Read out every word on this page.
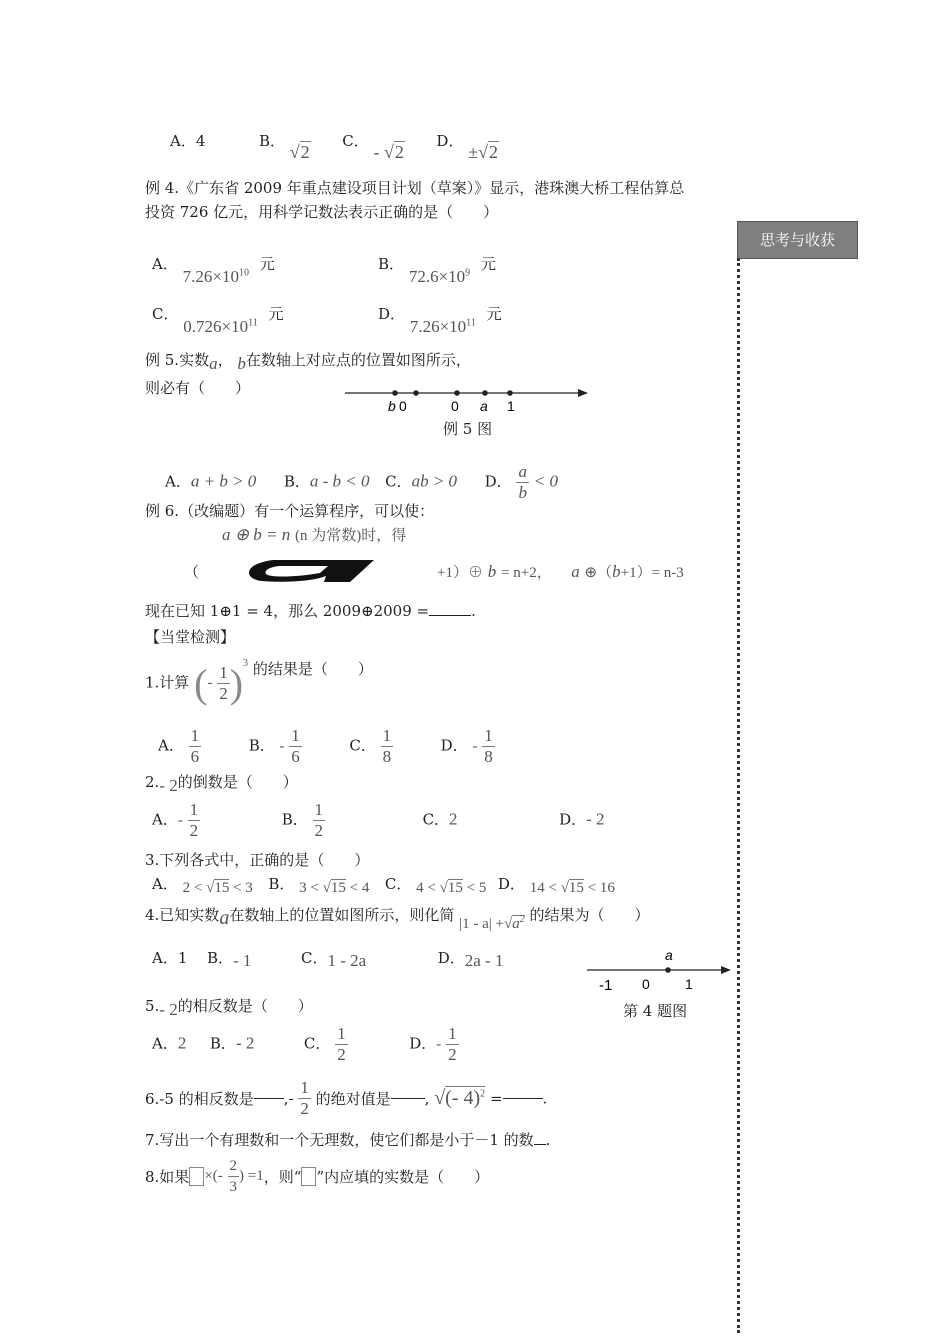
思考与收获
A．4	B． √2  C． - √2  D． ±√2
例 4.《广东省 2009 年重点建设项目计划（草案）》显示，港珠澳大桥工程估算总
投资 726 亿元，用科学记数法表示正确的是（　　）
A． $7.26\times 10^{10}$ 元	B． $72.6\times 10^9$ 元
C． $0.726\times 10^{11}$ 元	D． $7.26\times 10^{11}$ 元
例 5.实数a， b在数轴上对应点的位置如图所示，
则必有（　　）
b 0	0 a 1
例 5 图
A．a + b > 0 B．a - b < 0 C．ab > 0 D． $\frac{a}{b} < 0$
例 6.（改编题）有一个运算程序，可以使：
a ⊕ b = n (n 为常数)时，得
（	+1）⊕ b = n+2， a ⊕（b+1）= n-3
现在已知 1⊕1 = 4，那么 2009⊕2009 =	.
【当堂检测】
1.计算 (- $\frac{1}{2} )^3$ 的结果是（　　）
A． $\frac{1}{6}$	B． - $\frac{1}{6}$	C． $\frac{1}{8}$	D． - $\frac{1}{8}$
2.- 2的倒数是（　　）
A．- $\frac{1}{2}$	B． $\frac{1}{2}$	C．2	D．- 2
3.下列各式中，正确的是（　　）
A． 2 < √15 < 3 B． 3 < √15 < 4 C． 4 < √15 < 5 D． 14 < √15 < 16
4.已知实数a在数轴上的位置如图所示，则化简 $|1 - a| +√a^2$ 的结果为（　　）
A．1 B．- 1	C．1 - 2a	D．2a - 1
-1 0	1
a
第 4 题图
5.- 2的相反数是（　　）
A．2 B．- 2	C． $\frac{1}{2}$	D．- $\frac{1}{2}$
6.-5 的相反数是 ,- $\frac{1}{2}$ 的绝对值是 , √(- 4)$^2$ =	.
7.写出一个有理数和一个无理数，使它们都是小于－1 的数 .
8.如果 ×(- $\frac{2}{3}$ ) =1，则“ ”内应填的实数是（　　）
